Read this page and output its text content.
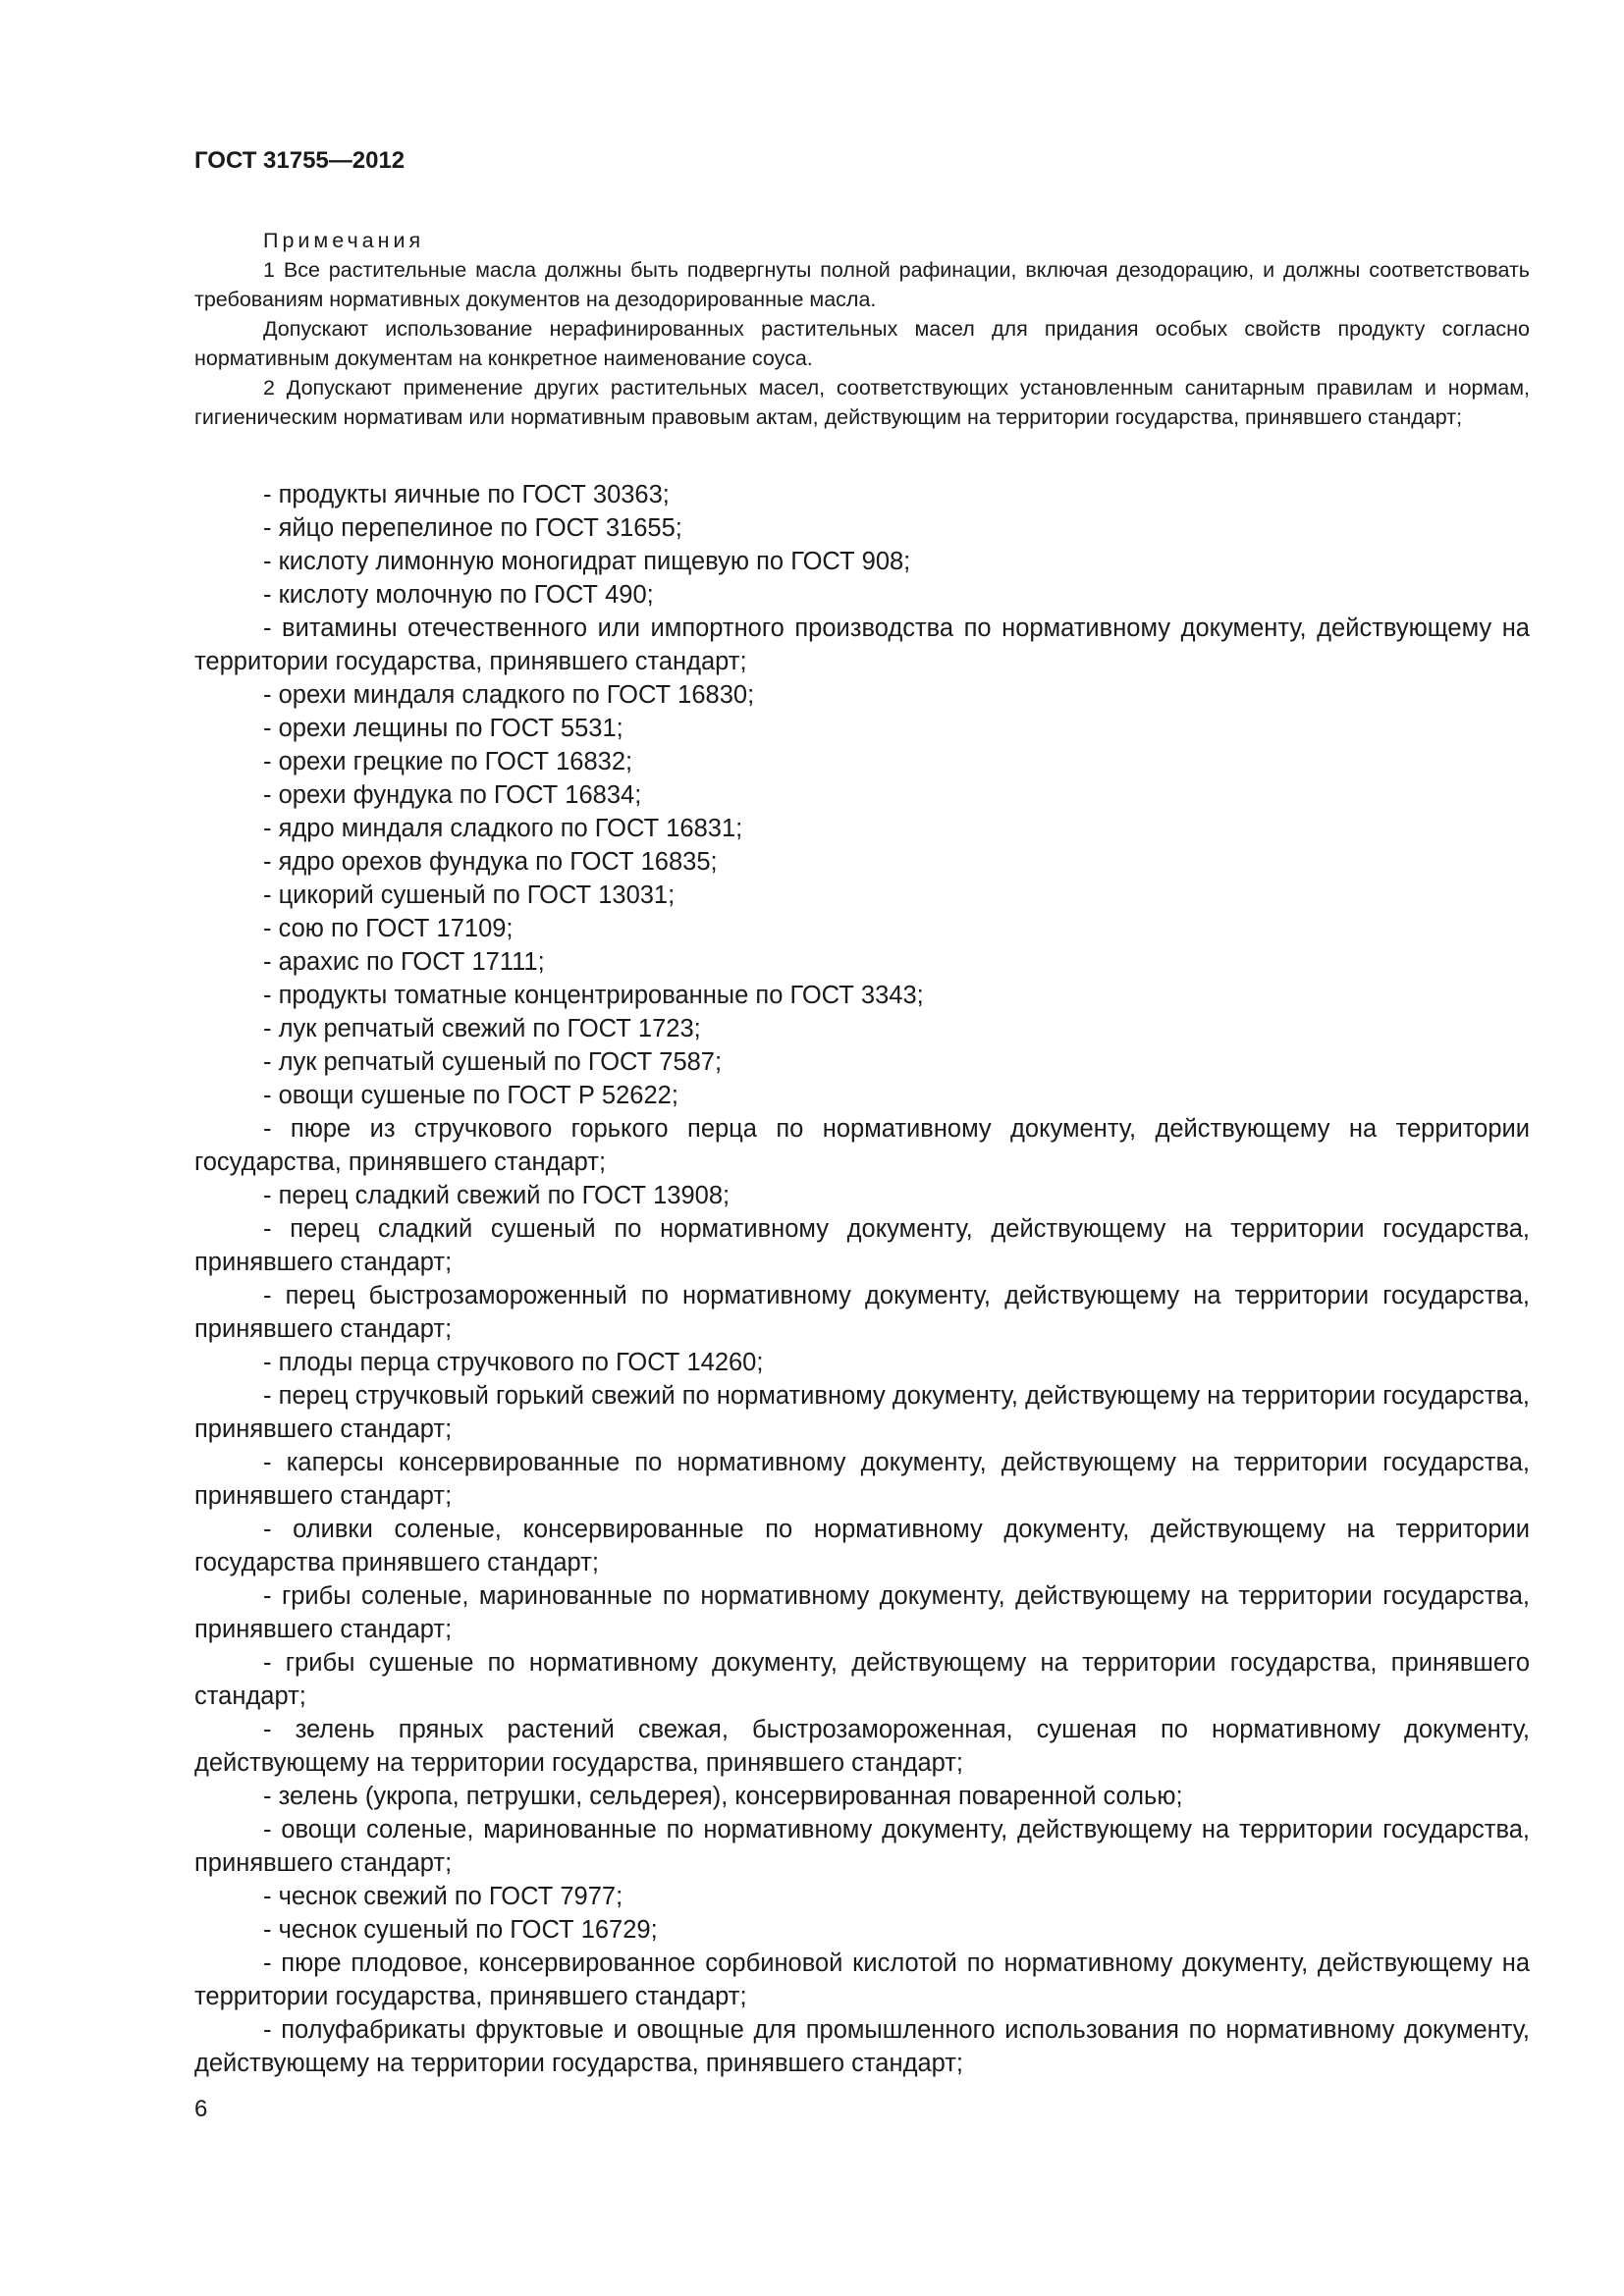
ГОСТ 31755—2012

Примечания

1 Все растительные масла должны быть подвергнуты полной рафинации, включая дезодорацию, и должны соответствовать требованиям нормативных документов на дезодорированные масла.

Допускают использование нерафинированных растительных масел для придания особых свойств продукту согласно нормативным документам на конкретное наименование соуса.

2 Допускают применение других растительных масел, соответствующих установленным санитарным правилам и нормам, гигиеническим нормативам или нормативным правовым актам, действующим на территории государства, принявшего стандарт;

- продукты яичные по ГОСТ 30363;

- яйцо перепелиное по ГОСТ 31655;

- кислоту лимонную моногидрат пищевую по ГОСТ 908;

- кислоту молочную по ГОСТ 490;

- витамины отечественного или импортного производства по нормативному документу, действующему на территории государства, принявшего стандарт;

- орехи миндаля сладкого по ГОСТ 16830;

- орехи лещины по ГОСТ 5531;

- орехи грецкие по ГОСТ 16832;

- орехи фундука по ГОСТ 16834;

- ядро миндаля сладкого по ГОСТ 16831;

- ядро орехов фундука по ГОСТ 16835;

- цикорий сушеный по ГОСТ 13031;

- сою по ГОСТ 17109;

- арахис по ГОСТ 17111;

- продукты томатные концентрированные по ГОСТ 3343;

- лук репчатый свежий по ГОСТ 1723;

- лук репчатый сушеный по ГОСТ 7587;

- овощи сушеные по ГОСТ Р 52622;

- пюре из стручкового горького перца по нормативному документу, действующему на территории государства, принявшего стандарт;

- перец сладкий свежий по ГОСТ 13908;

- перец сладкий сушеный по нормативному документу, действующему на территории государства, принявшего стандарт;

- перец быстрозамороженный по нормативному документу, действующему на территории государства, принявшего стандарт;

- плоды перца стручкового по ГОСТ 14260;

- перец стручковый горький свежий по нормативному документу, действующему на территории государства, принявшего стандарт;

- каперсы консервированные по нормативному документу, действующему на территории государства, принявшего стандарт;

- оливки соленые, консервированные по нормативному документу, действующему на территории государства принявшего стандарт;

- грибы соленые, маринованные по нормативному документу, действующему на территории государства, принявшего стандарт;

- грибы сушеные по нормативному документу, действующему на территории государства, принявшего стандарт;

- зелень пряных растений свежая, быстрозамороженная, сушеная по нормативному документу, действующему на территории государства, принявшего стандарт;

- зелень (укропа, петрушки, сельдерея), консервированная поваренной солью;

- овощи соленые, маринованные по нормативному документу, действующему на территории государства, принявшего стандарт;

- чеснок свежий по ГОСТ 7977;

- чеснок сушеный по ГОСТ 16729;

- пюре плодовое, консервированное сорбиновой кислотой по нормативному документу, действующему на территории государства, принявшего стандарт;

- полуфабрикаты фруктовые и овощные для промышленного использования по нормативному документу, действующему на территории государства, принявшего стандарт;

6
